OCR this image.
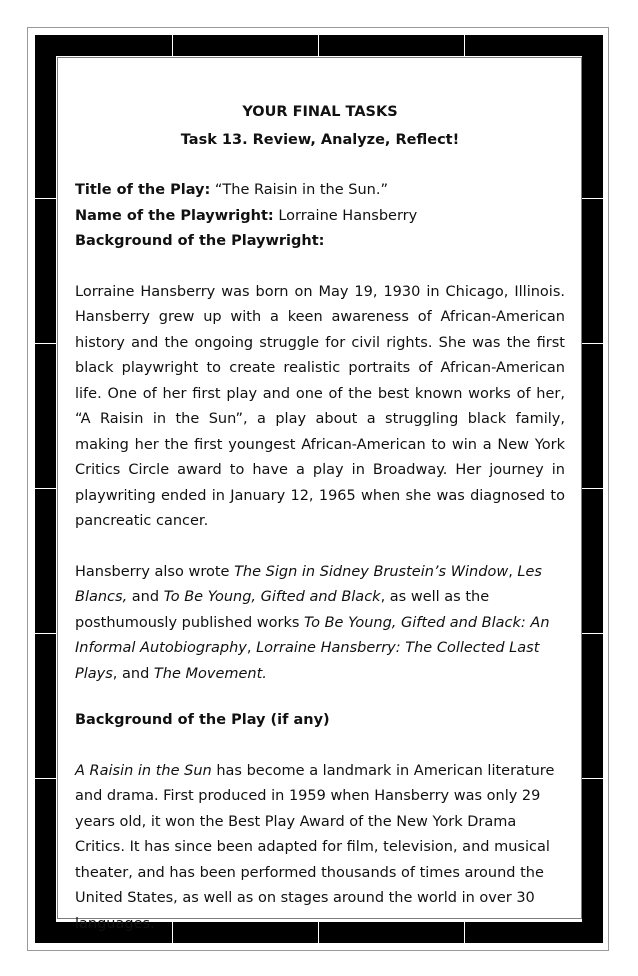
YOUR FINAL TASKS

Task 13. Review, Analyze, Reflect!

Title of the Play: “The Raisin in the Sun.”

Name of the Playwright: Lorraine Hansberry

Background of the Playwright:

Lorraine Hansberry was born on May 19, 1930 in Chicago, Illinois. Hansberry grew up with a keen awareness of African-American history and the ongoing struggle for civil rights. She was the first black playwright to create realistic portraits of African-American life. One of her first play and one of the best known works of her, “A Raisin in the Sun”, a play about a struggling black family, making her the first youngest African-American to win a New York Critics Circle award to have a play in Broadway. Her journey in playwriting ended in January 12, 1965 when she was diagnosed to pancreatic cancer.

Hansberry also wrote The Sign in Sidney Brustein’s Window, Les Blancs, and To Be Young, Gifted and Black, as well as the posthumously published works To Be Young, Gifted and Black: An Informal Autobiography, Lorraine Hansberry: The Collected Last Plays, and The Movement.

Background of the Play (if any)

A Raisin in the Sun has become a landmark in American literature and drama. First produced in 1959 when Hansberry was only 29 years old, it won the Best Play Award of the New York Drama Critics. It has since been adapted for film, television, and musical theater, and has been performed thousands of times around the United States, as well as on stages around the world in over 30 languages.
